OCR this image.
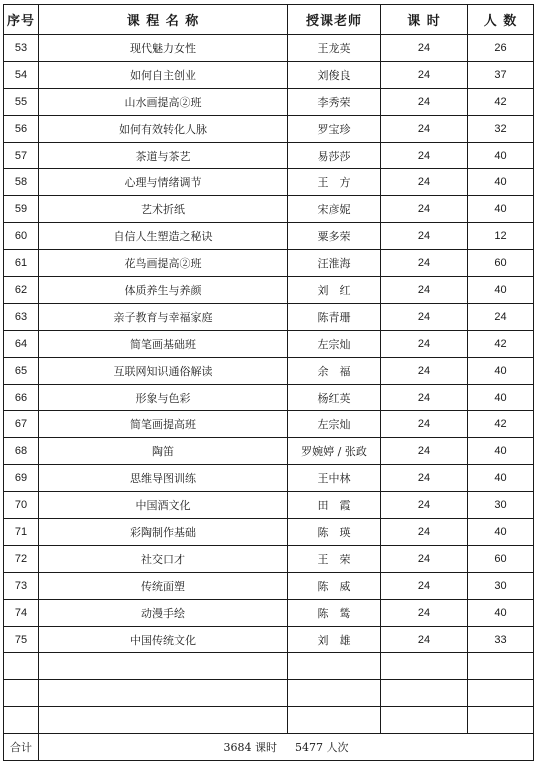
序号	课 程 名 称	授课老师	课 时	人 数
53	现代魅力女性	王龙英	24	26
54	如何自主创业	刘俊良	24	37
55	山水画提高②班	李秀荣	24	42
56	如何有效转化人脉	罗宝珍	24	32
57	茶道与茶艺	易莎莎	24	40
58	心理与情绪调节	王　方	24	40
59	艺术折纸	宋彦妮	24	40
60	自信人生塑造之秘诀	粟多荣	24	12
61	花鸟画提高②班	汪淮海	24	60
62	体质养生与养颜	刘　红	24	40
63	亲子教育与幸福家庭	陈青珊	24	24
64	简笔画基础班	左宗灿	24	42
65	互联网知识通俗解读	余　福	24	40
66	形象与色彩	杨红英	24	40
67	简笔画提高班	左宗灿	24	42
68	陶笛	罗婉婷 / 张政	24	40
69	思维导图训练	王中林	24	40
70	中国酒文化	田　霞	24	30
71	彩陶制作基础	陈　瑛	24	40
72	社交口才	王　荣	24	60
73	传统面塑	陈　威	24	30
74	动漫手绘	陈　鸶	24	40
75	中国传统文化	刘　雄	24	33

合计	3684 课时 5477 人次			
